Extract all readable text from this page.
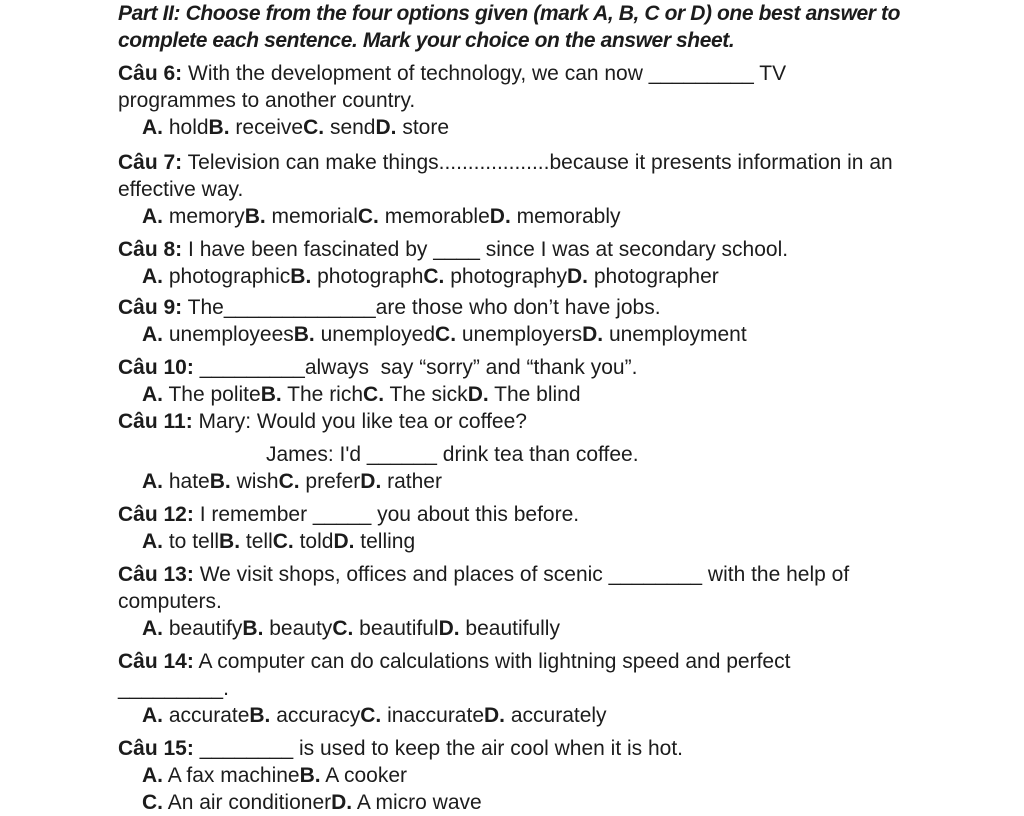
Part II: Choose from the four options given (mark A, B, C or D) one best answer to complete each sentence. Mark your choice on the answer sheet.
Câu 6: With the development of technology, we can now _________ TV programmes to another country.
A. holdB. receiveC. sendD. store
Câu 7: Television can make things...................because it presents information in an effective way.
A. memoryB. memorialC. memorableD. memorably
Câu 8: I have been fascinated by ____ since I was at secondary school.
A. photographicB. photographC. photographyD. photographer
Câu 9: The_____________are those who don’t have jobs.
A. unemployeesB. unemployedC. unemployersD. unemployment
Câu 10: _________always  say “sorry” and “thank you”.
A. The politeB. The richC. The sickD. The blind
Câu 11: Mary: Would you like tea or coffee?
James: I'd ______ drink tea than coffee.
A. hateB. wishC. preferD. rather
Câu 12: I remember _____ you about this before.
A. to tellB. tellC. toldD. telling
Câu 13: We visit shops, offices and places of scenic ________ with the help of computers.
A. beautifyB. beautyC. beautifulD. beautifully
Câu 14: A computer can do calculations with lightning speed and perfect
_________.
A. accurateB. accuracyC. inaccurateD. accurately
Câu 15: ________ is used to keep the air cool when it is hot.
A. A fax machineB. A cooker
C. An air conditionerD. A micro wave
